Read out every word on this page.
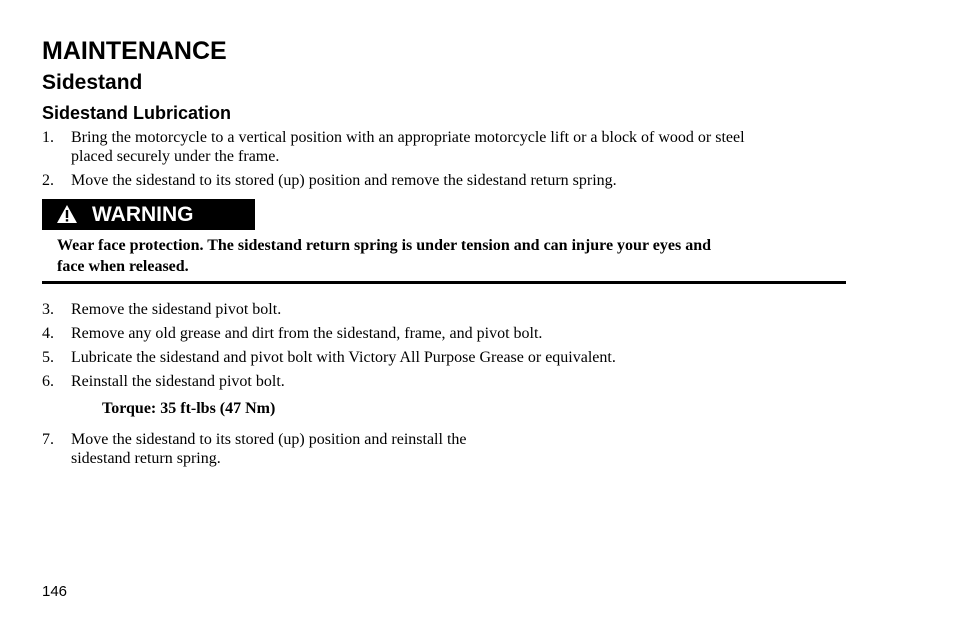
MAINTENANCE
Sidestand
Sidestand Lubrication
1. Bring the motorcycle to a vertical position with an appropriate motorcycle lift or a block of wood or steel
placed securely under the frame.
2. Move the sidestand to its stored (up) position and remove the sidestand return spring.
WARNING
Wear face protection. The sidestand return spring is under tension and can injure your eyes and
face when released.
3. Remove the sidestand pivot bolt.
4. Remove any old grease and dirt from the sidestand, frame, and pivot bolt.
5. Lubricate the sidestand and pivot bolt with Victory All Purpose Grease or equivalent.
6. Reinstall the sidestand pivot bolt.
Torque: 35 ft-lbs (47 Nm)
7. Move the sidestand to its stored (up) position and reinstall the
sidestand return spring.
146
